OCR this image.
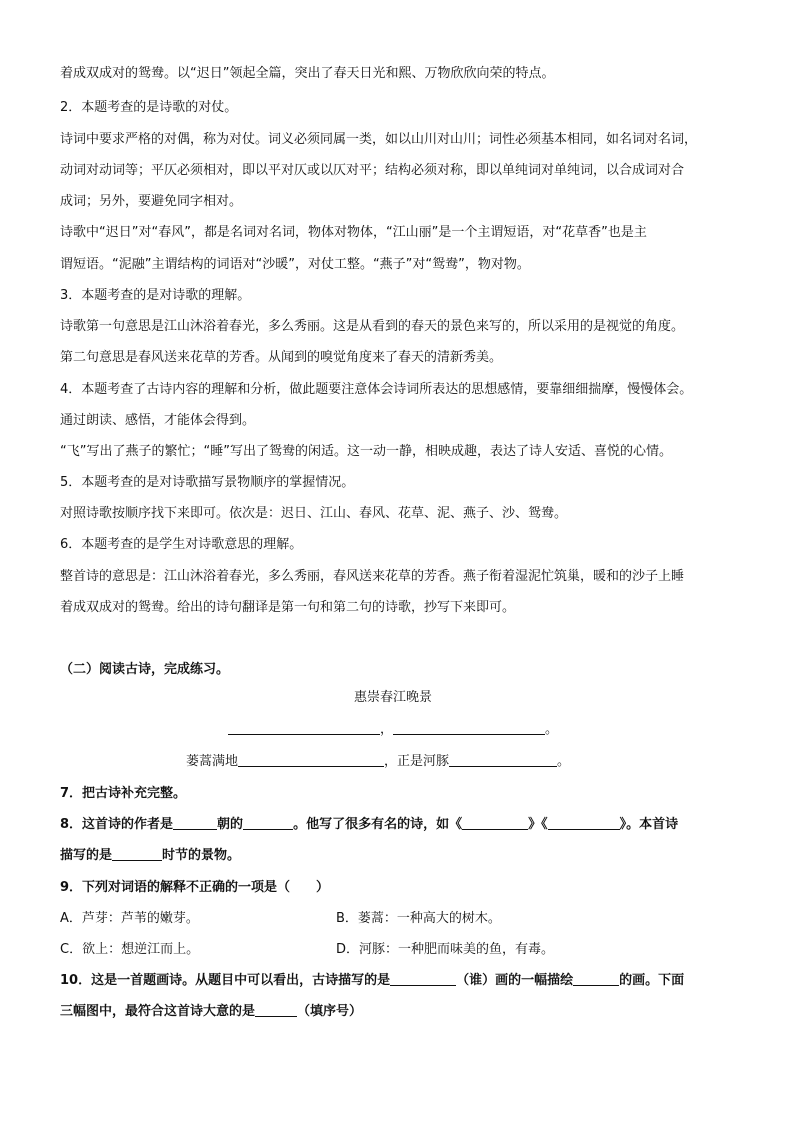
着成双成对的鸳鸯。以“迟日”领起全篇，突出了春天日光和熙、万物欣欣向荣的特点。
2．本题考查的是诗歌的对仗。
诗词中要求严格的对偶，称为对仗。词义必须同属一类，如以山川对山川；词性必须基本相同，如名词对名词，
动词对动词等；平仄必须相对，即以平对仄或以仄对平；结构必须对称，即以单纯词对单纯词，以合成词对合
成词；另外，要避免同字相对。
诗歌中“迟日”对“春风”，都是名词对名词，物体对物体，“江山丽”是一个主谓短语，对“花草香”也是主
谓短语。“泥融”主谓结构的词语对“沙暖”，对仗工整。“燕子”对“鸳鸯”，物对物。
3．本题考查的是对诗歌的理解。
诗歌第一句意思是江山沐浴着春光，多么秀丽。这是从看到的春天的景色来写的，所以采用的是视觉的角度。
第二句意思是春风送来花草的芳香。从闻到的嗅觉角度来了春天的清新秀美。
4．本题考查了古诗内容的理解和分析，做此题要注意体会诗词所表达的思想感情，要靠细细揣摩，慢慢体会。
通过朗读、感悟，才能体会得到。
“飞”写出了燕子的繁忙；“睡”写出了鸳鸯的闲适。这一动一静，相映成趣，表达了诗人安适、喜悦的心情。
5．本题考查的是对诗歌描写景物顺序的掌握情况。
对照诗歌按顺序找下来即可。依次是：迟日、江山、春风、花草、泥、燕子、沙、鸳鸯。
6．本题考查的是学生对诗歌意思的理解。
整首诗的意思是：江山沐浴着春光，多么秀丽，春风送来花草的芳香。燕子衔着湿泥忙筑巢，暖和的沙子上睡
着成双成对的鸳鸯。给出的诗句翻译是第一句和第二句的诗歌，抄写下来即可。
（二）阅读古诗，完成练习。
惠崇春江晚景
，	。
蒌蒿满地	，正是河豚	。
7．把古诗补充完整。
8．这首诗的作者是	朝的	。他写了很多有名的诗，如《	》《	》。本首诗
描写的是	时节的景物。
9．下列对词语的解释不正确的一项是（　　）
A．芦芽：芦苇的嫩芽。	B．蒌蒿：一种高大的树木。
C．欲上：想逆江而上。	D．河豚：一种肥而味美的鱼，有毒。
10．这是一首题画诗。从题目中可以看出，古诗描写的是	（谁）画的一幅描绘	的画。下面
三幅图中，最符合这首诗大意的是	（填序号）
